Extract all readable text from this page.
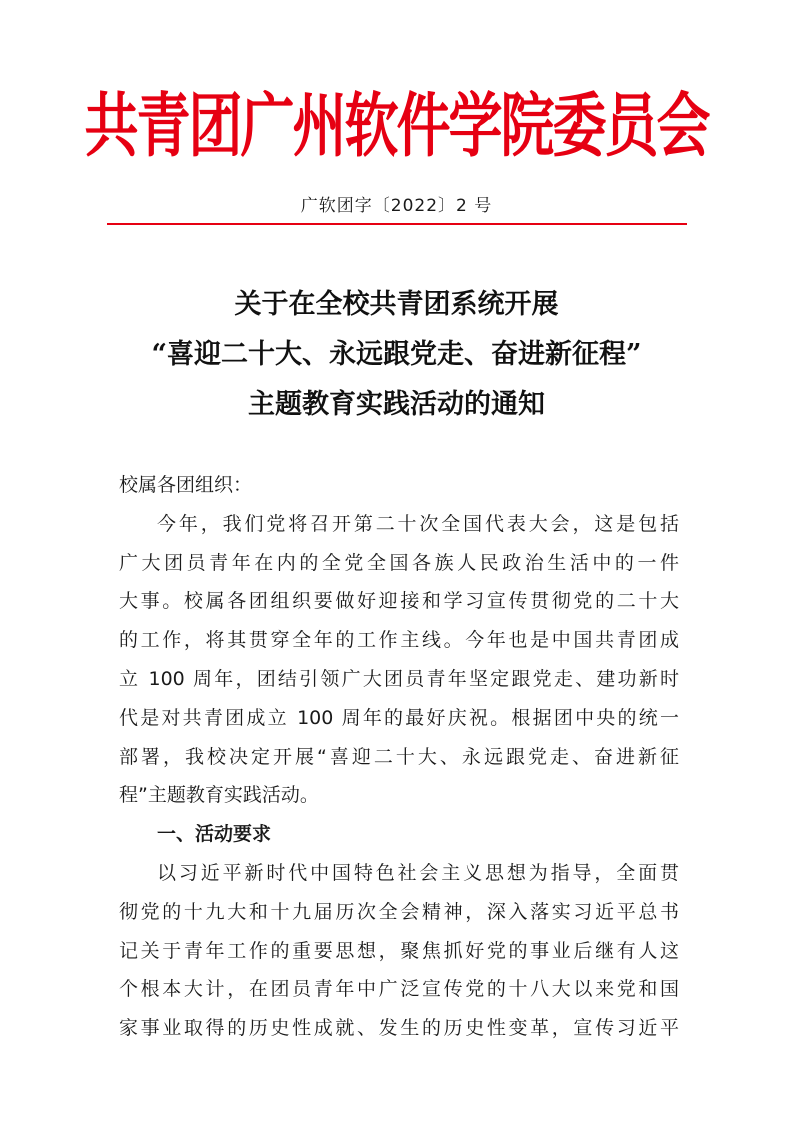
共青团广州软件学院委员会
广软团字〔2022〕2 号
关于在全校共青团系统开展
“喜迎二十大、永远跟党走、奋进新征程”
主题教育实践活动的通知
校属各团组织：
今年，我们党将召开第二十次全国代表大会，这是包括
广大团员青年在内的全党全国各族人民政治生活中的一件
大事。校属各团组织要做好迎接和学习宣传贯彻党的二十大
的工作，将其贯穿全年的工作主线。今年也是中国共青团成
立 100 周年，团结引领广大团员青年坚定跟党走、建功新时
代是对共青团成立 100 周年的最好庆祝。根据团中央的统一
部署，我校决定开展“喜迎二十大、永远跟党走、奋进新征
程”主题教育实践活动。
一、活动要求
以习近平新时代中国特色社会主义思想为指导，全面贯
彻党的十九大和十九届历次全会精神，深入落实习近平总书
记关于青年工作的重要思想，聚焦抓好党的事业后继有人这
个根本大计，在团员青年中广泛宣传党的十八大以来党和国
家事业取得的历史性成就、发生的历史性变革，宣传习近平
